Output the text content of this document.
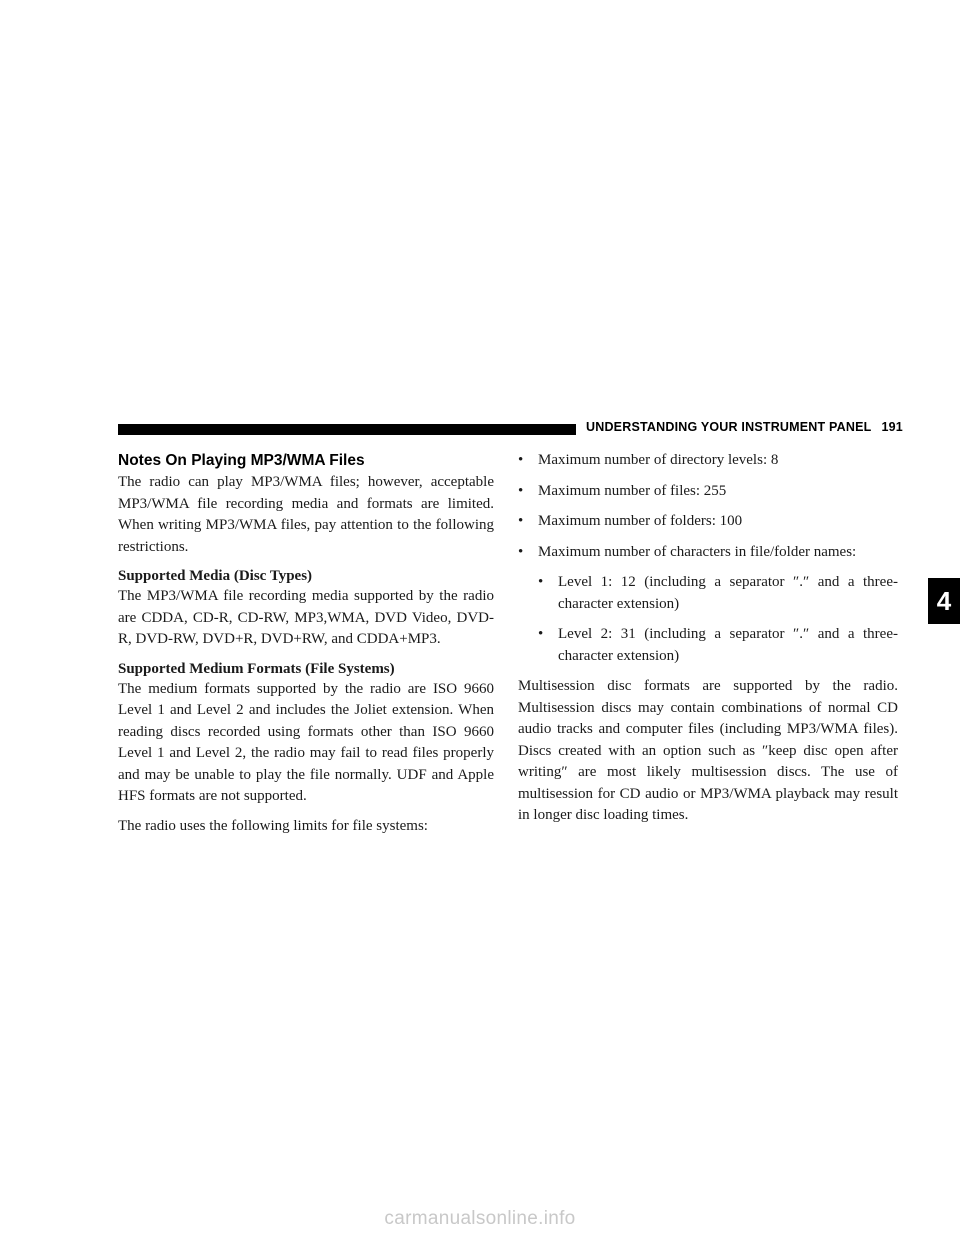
UNDERSTANDING YOUR INSTRUMENT PANEL 191
Notes On Playing MP3/WMA Files

The radio can play MP3/WMA files; however, acceptable MP3/WMA file recording media and formats are limited. When writing MP3/WMA files, pay attention to the following restrictions.

Supported Media (Disc Types)

The MP3/WMA file recording media supported by the radio are CDDA, CD-R, CD-RW, MP3,WMA, DVD Video, DVD-R, DVD-RW, DVD+R, DVD+RW, and CDDA+MP3.

Supported Medium Formats (File Systems)

The medium formats supported by the radio are ISO 9660 Level 1 and Level 2 and includes the Joliet extension. When reading discs recorded using formats other than ISO 9660 Level 1 and Level 2, the radio may fail to read files properly and may be unable to play the file normally. UDF and Apple HFS formats are not supported.

The radio uses the following limits for file systems:

• Maximum number of directory levels: 8
• Maximum number of files: 255
• Maximum number of folders: 100
• Maximum number of characters in file/folder names:
• Level 1: 12 (including a separator ″.″ and a three-character extension)
• Level 2: 31 (including a separator ″.″ and a three-character extension)

Multisession disc formats are supported by the radio. Multisession discs may contain combinations of normal CD audio tracks and computer files (including MP3/WMA files). Discs created with an option such as ″keep disc open after writing″ are most likely multisession discs. The use of multisession for CD audio or MP3/WMA playback may result in longer disc loading times.

4
carmanualsonline.info
